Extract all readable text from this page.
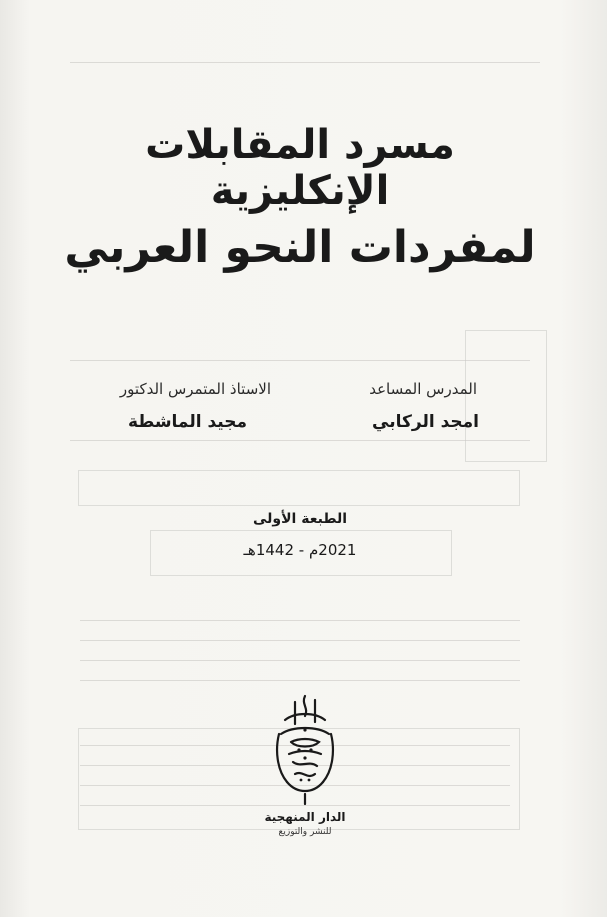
مسرد المقابلات الإنكليزية
لمفردات النحو العربي
المدرس المساعد
امجد الركابي
الاستاذ المتمرس الدكتور
مجيد الماشطة
الطبعة الأولى
2021م - 1442هـ
الدار المنهجية
للنشر والتوزيع
